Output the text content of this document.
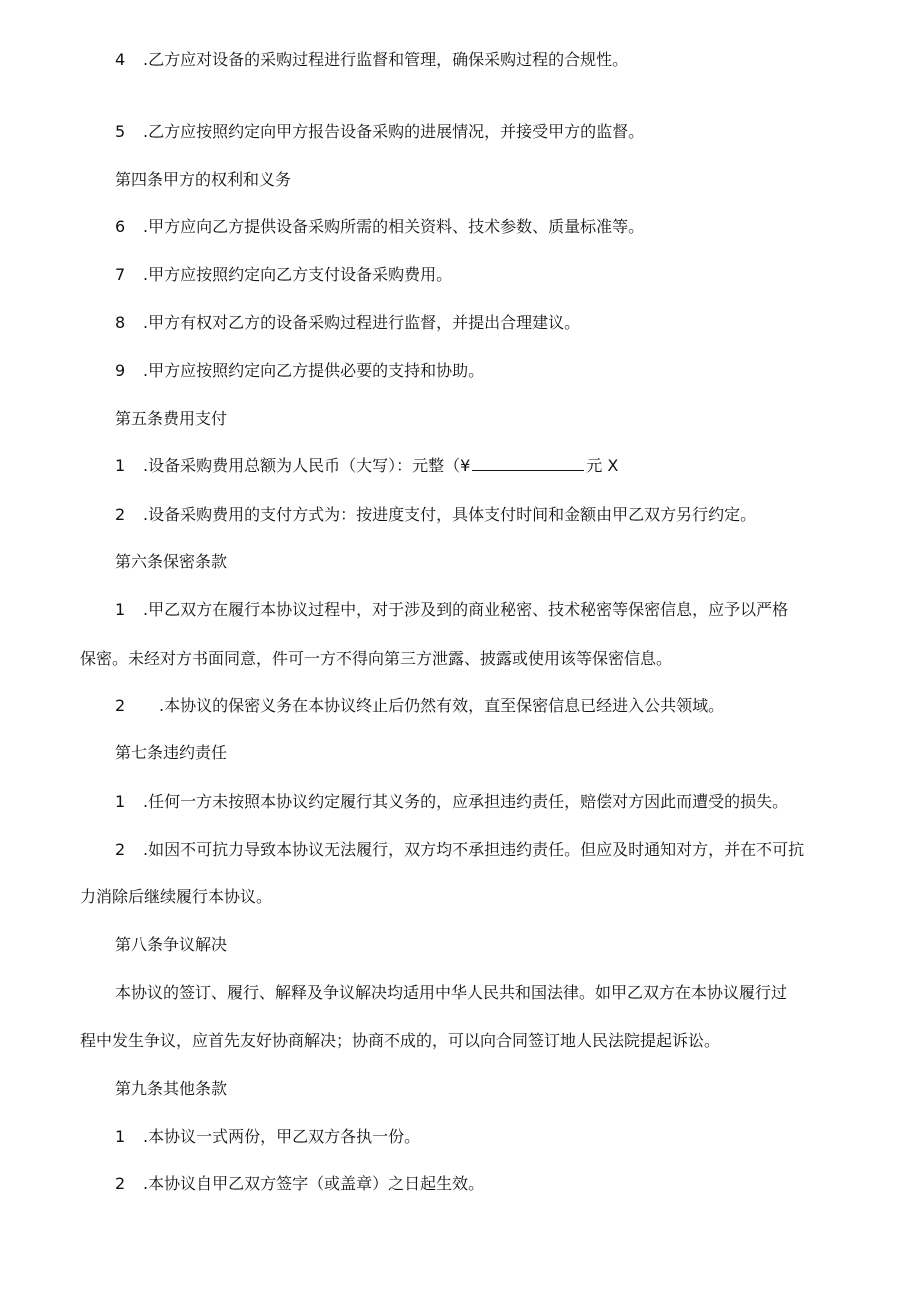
4 .乙方应对设备的采购过程进行监督和管理，确保采购过程的合规性。
5 .乙方应按照约定向甲方报告设备采购的进展情况，并接受甲方的监督。
第四条甲方的权利和义务
6 .甲方应向乙方提供设备采购所需的相关资料、技术参数、质量标准等。
7 .甲方应按照约定向乙方支付设备采购费用。
8 .甲方有权对乙方的设备采购过程进行监督，并提出合理建议。
9 .甲方应按照约定向乙方提供必要的支持和协助。
第五条费用支付
1 .设备采购费用总额为人民币（大写）：元整（¥	元 X
2 .设备采购费用的支付方式为：按进度支付，具体支付时间和金额由甲乙双方另行约定。
第六条保密条款
1 .甲乙双方在履行本协议过程中，对于涉及到的商业秘密、技术秘密等保密信息，应予以严格
保密。未经对方书面同意，件可一方不得向第三方泄露、披露或使用该等保密信息。
2 .本协议的保密义务在本协议终止后仍然有效，直至保密信息已经进入公共领域。
第七条违约责任
1 .任何一方未按照本协议约定履行其义务的，应承担违约责任，赔偿对方因此而遭受的损失。
2 .如因不可抗力导致本协议无法履行，双方均不承担违约责任。但应及时通知对方，并在不可抗
力消除后继续履行本协议。
第八条争议解决
本协议的签订、履行、解释及争议解决均适用中华人民共和国法律。如甲乙双方在本协议履行过
程中发生争议，应首先友好协商解决；协商不成的，可以向合同签订地人民法院提起诉讼。
第九条其他条款
1 .本协议一式两份，甲乙双方各执一份。
2 .本协议自甲乙双方签字（或盖章）之日起生效。
